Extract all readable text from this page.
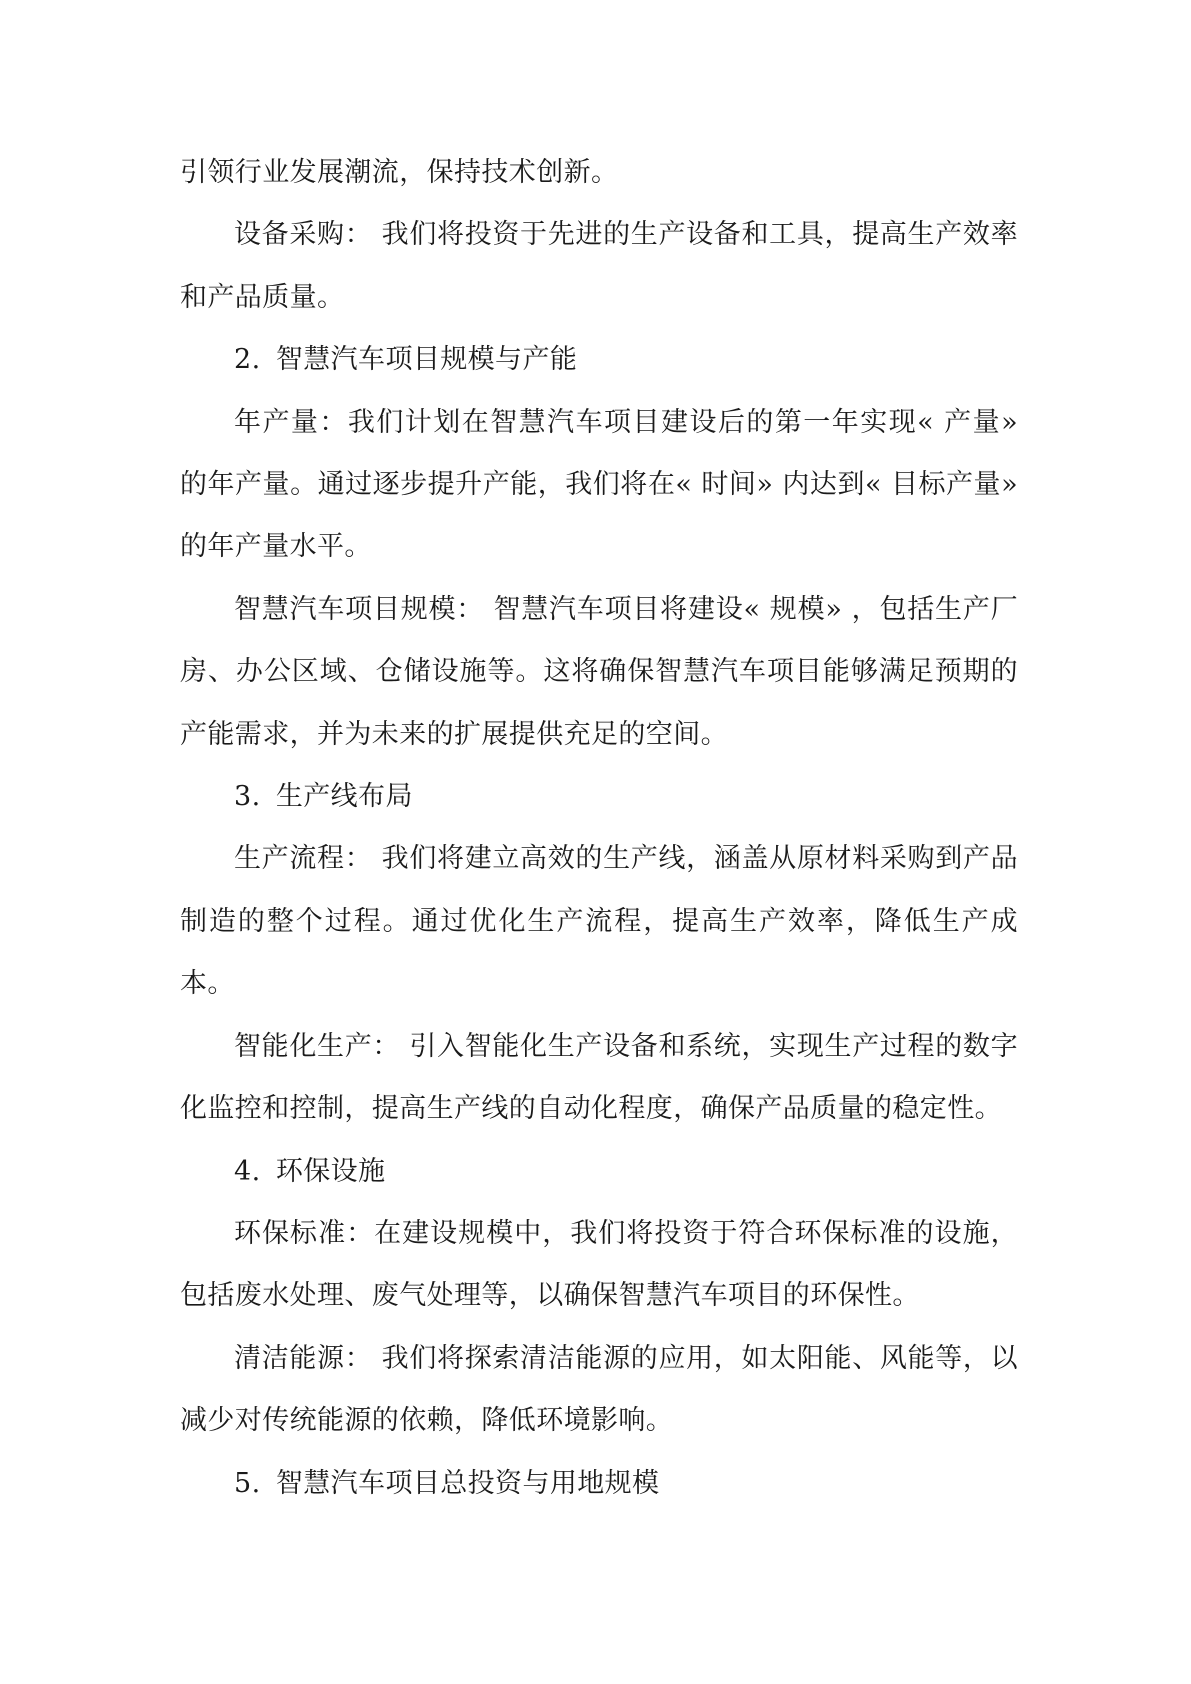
引领行业发展潮流，保持技术创新。

设备采购： 我们将投资于先进的生产设备和工具，提高生产效率和产品质量。

2. 智慧汽车项目规模与产能

年产量：我们计划在智慧汽车项目建设后的第一年实现« 产量» 的年产量。通过逐步提升产能，我们将在« 时间» 内达到« 目标产量» 的年产量水平。

智慧汽车项目规模： 智慧汽车项目将建设« 规模» ，包括生产厂房、办公区域、仓储设施等。这将确保智慧汽车项目能够满足预期的产能需求，并为未来的扩展提供充足的空间。

3. 生产线布局

生产流程： 我们将建立高效的生产线，涵盖从原材料采购到产品制造的整个过程。通过优化生产流程，提高生产效率，降低生产成本。

智能化生产： 引入智能化生产设备和系统，实现生产过程的数字化监控和控制，提高生产线的自动化程度，确保产品质量的稳定性。

4. 环保设施

环保标准：在建设规模中，我们将投资于符合环保标准的设施，包括废水处理、废气处理等，以确保智慧汽车项目的环保性。

清洁能源： 我们将探索清洁能源的应用，如太阳能、风能等，以减少对传统能源的依赖，降低环境影响。

5. 智慧汽车项目总投资与用地规模
